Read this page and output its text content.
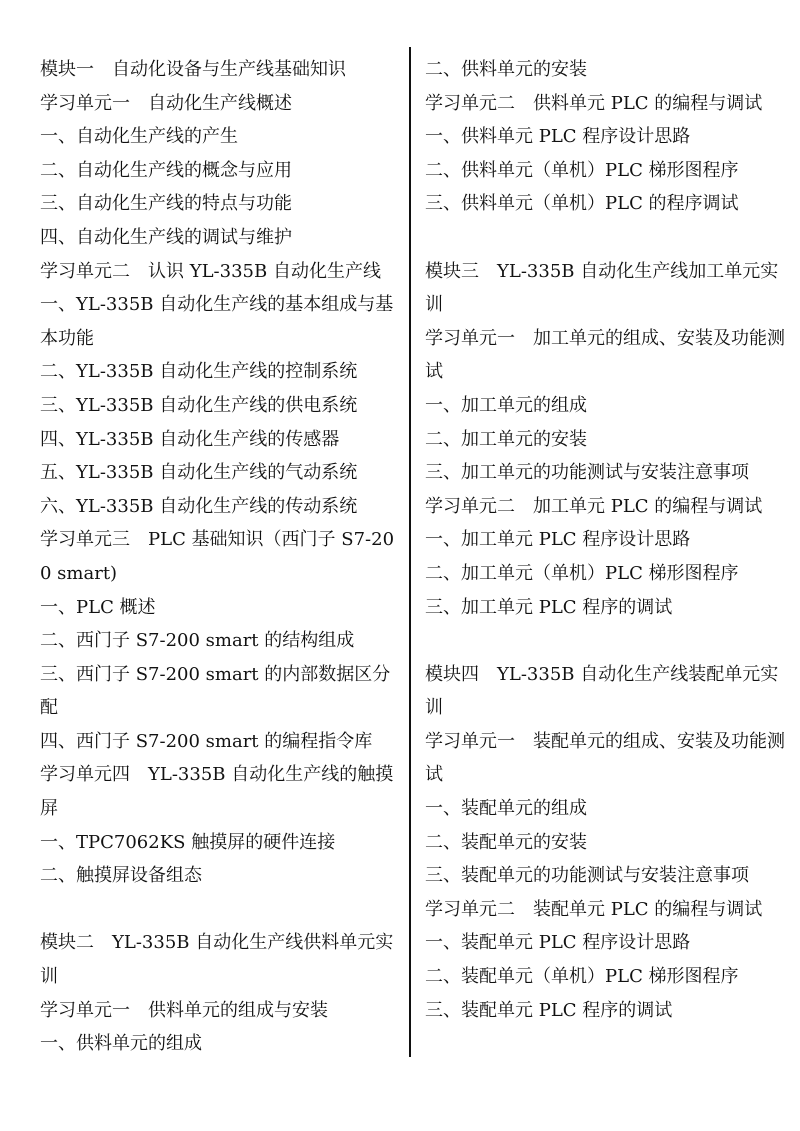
模块一　自动化设备与生产线基础知识
学习单元一　自动化生产线概述
一、自动化生产线的产生
二、自动化生产线的概念与应用
三、自动化生产线的特点与功能
四、自动化生产线的调试与维护
学习单元二　认识 YL-335B 自动化生产线
一、YL-335B 自动化生产线的基本组成与基本功能
二、YL-335B 自动化生产线的控制系统
三、YL-335B 自动化生产线的供电系统
四、YL-335B 自动化生产线的传感器
五、YL-335B 自动化生产线的气动系统
六、YL-335B 自动化生产线的传动系统
学习单元三　PLC 基础知识（西门子 S7-200 smart)
一、PLC 概述
二、西门子 S7-200 smart 的结构组成
三、西门子 S7-200 smart 的内部数据区分配
四、西门子 S7-200 smart 的编程指令库
学习单元四　YL-335B 自动化生产线的触摸屏
一、TPC7062KS 触摸屏的硬件连接
二、触摸屏设备组态
模块二　YL-335B 自动化生产线供料单元实训
学习单元一　供料单元的组成与安装
一、供料单元的组成
二、供料单元的安装
学习单元二　供料单元 PLC 的编程与调试
一、供料单元 PLC 程序设计思路
二、供料单元（单机）PLC 梯形图程序
三、供料单元（单机）PLC 的程序调试
模块三　YL-335B 自动化生产线加工单元实训
学习单元一　加工单元的组成、安装及功能测试
一、加工单元的组成
二、加工单元的安装
三、加工单元的功能测试与安装注意事项
学习单元二　加工单元 PLC 的编程与调试
一、加工单元 PLC 程序设计思路
二、加工单元（单机）PLC 梯形图程序
三、加工单元 PLC 程序的调试
模块四　YL-335B 自动化生产线装配单元实训
学习单元一　装配单元的组成、安装及功能测试
一、装配单元的组成
二、装配单元的安装
三、装配单元的功能测试与安装注意事项
学习单元二　装配单元 PLC 的编程与调试
一、装配单元 PLC 程序设计思路
二、装配单元（单机）PLC 梯形图程序
三、装配单元 PLC 程序的调试
